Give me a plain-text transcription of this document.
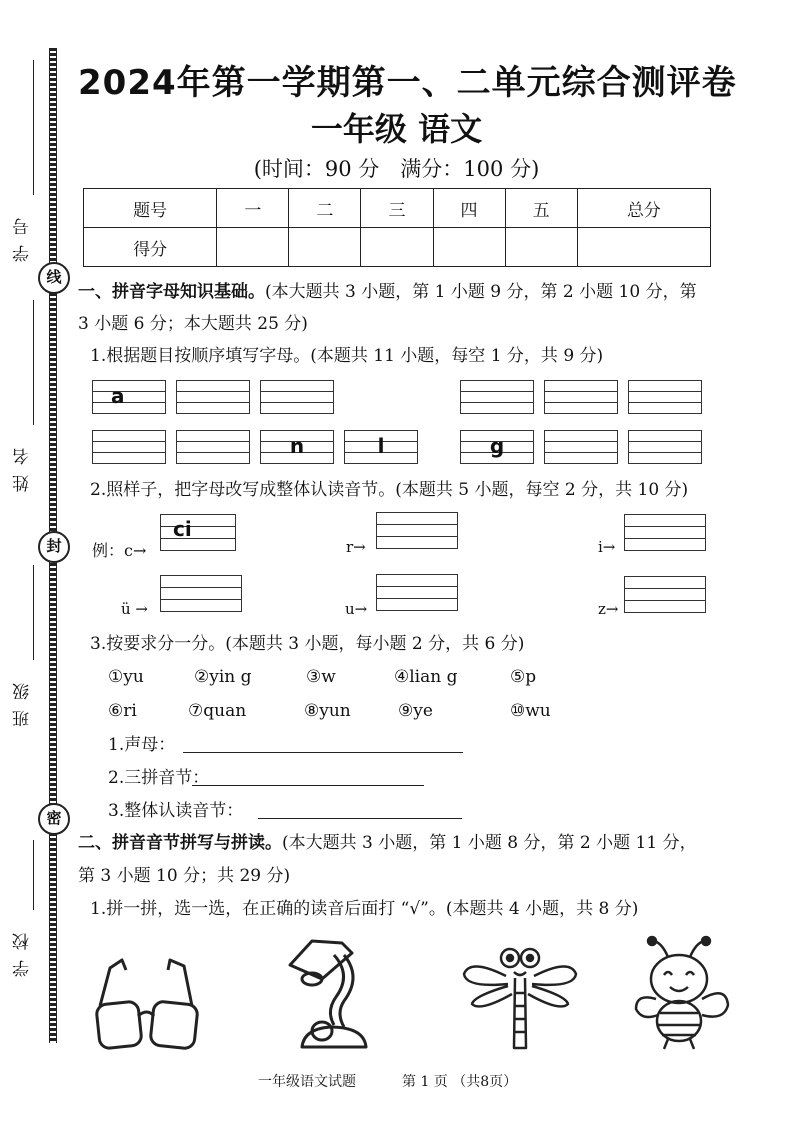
学号
线
姓名
封
班级
密
学校
2024年第一学期第一、二单元综合测评卷
一年级 语文
(时间：90 分　满分：100 分)
题号	一	二	三	四	五	总分
得分						
一、拼音字母知识基础。(本大题共 3 小题，第 1 小题 9 分，第 2 小题 10 分，第
3 小题 6 分；本大题共 25 分)
1.根据题目按顺序填写字母。(本题共 11 小题，每空 1 分，共 9 分)
a
n	l	g
2.照样子，把字母改写成整体认读音节。(本题共 5 小题，每空 2 分，共 10 分)
例：c→
ci
r→	i→
ü →	u→	z→
3.按要求分一分。(本题共 3 小题，每小题 2 分，共 6 分)
①yu	②yin g	③w	④lian g	⑤p
⑥ri	⑦quan	⑧yun	⑨ye	⑩wu
1.声母：
2.三拼音节：
3.整体认读音节：
二、拼音音节拼写与拼读。(本大题共 3 小题，第 1 小题 8 分，第 2 小题 11 分，
第 3 小题 10 分；共 29 分)
1.拼一拼，选一选，在正确的读音后面打 “√”。(本题共 4 小题，共 8 分)
一年级语文试题	第 1 页 （共8页）
